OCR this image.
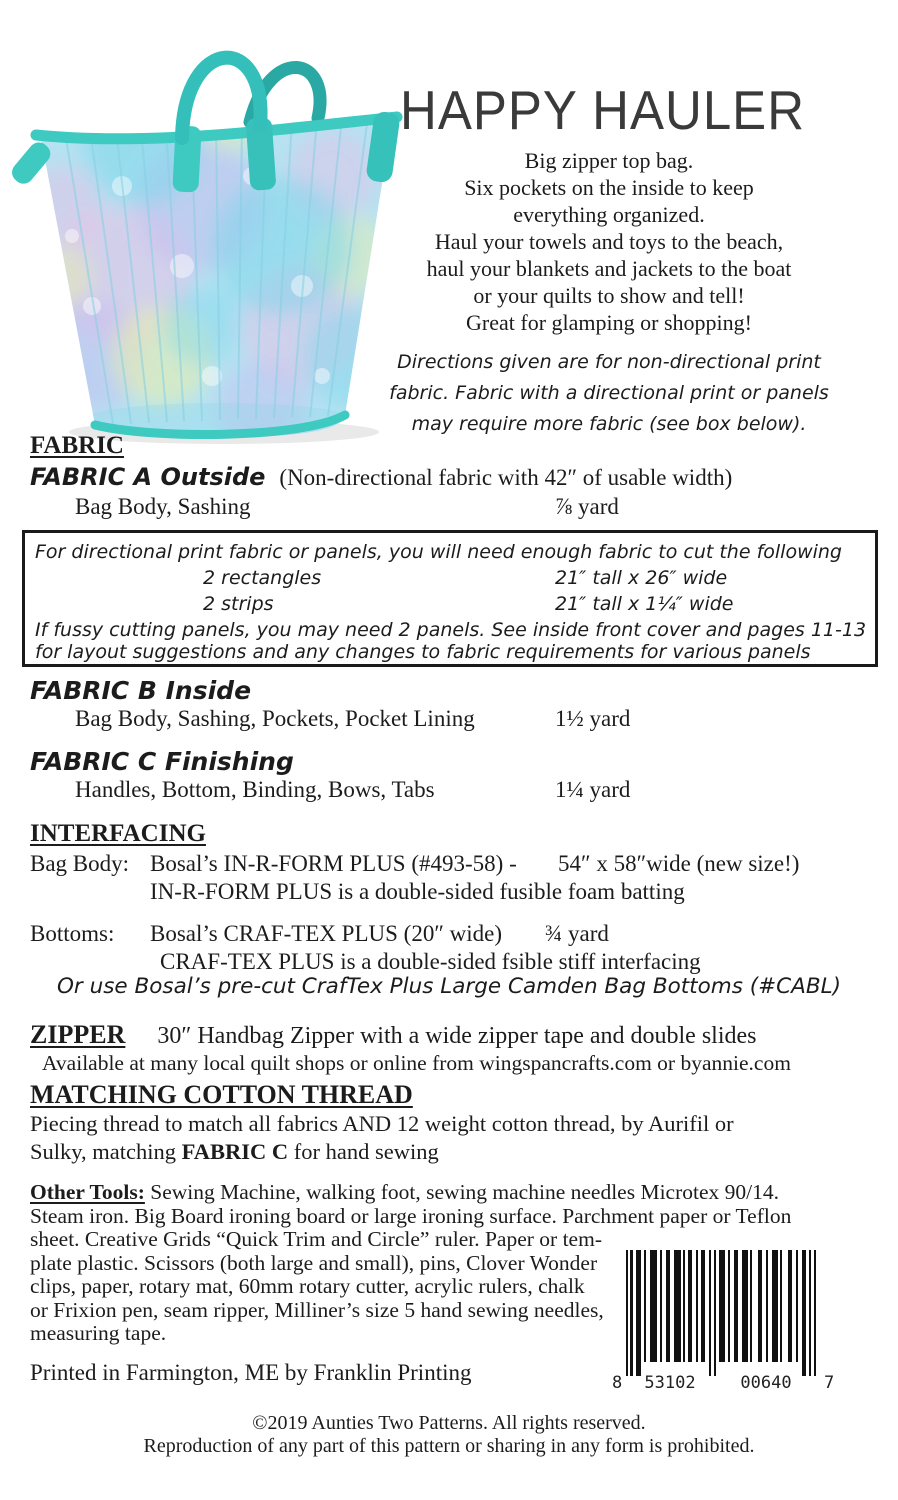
HAPPY HAULER
Big zipper top bag.
Six pockets on the inside to keep
everything organized.
Haul your towels and toys to the beach,
haul your blankets and jackets to the boat
or your quilts to show and tell!
Great for glamping or shopping!
Directions given are for non-directional print
fabric. Fabric with a directional print or panels
may require more fabric (see box below).
FABRIC
FABRIC A Outside (Non-directional fabric with 42″ of usable width)
Bag Body, Sashing	⅞ yard
For directional print fabric or panels, you will need enough fabric to cut the following
2 rectangles	21″ tall x 26″ wide
2 strips	21″ tall x 1¼″ wide
If fussy cutting panels, you may need 2 panels. See inside front cover and pages 11-13
for layout suggestions and any changes to fabric requirements for various panels
FABRIC B Inside
Bag Body, Sashing, Pockets, Pocket Lining	1½ yard
FABRIC C Finishing
Handles, Bottom, Binding, Bows, Tabs	1¼ yard
INTERFACING
Bag Body: Bosal’s IN-R-FORM PLUS (#493-58) - 54″ x 58″wide (new size!)
IN-R-FORM PLUS is a double-sided fusible foam batting
Bottoms: Bosal’s CRAF-TEX PLUS (20″ wide) ¾ yard
CRAF-TEX PLUS is a double-sided fsible stiff interfacing
Or use Bosal’s pre-cut CrafTex Plus Large Camden Bag Bottoms (#CABL)
ZIPPER 30″ Handbag Zipper with a wide zipper tape and double slides
Available at many local quilt shops or online from wingspancrafts.com or byannie.com
MATCHING COTTON THREAD
Piecing thread to match all fabrics AND 12 weight cotton thread, by Aurifil or
Sulky, matching FABRIC C for hand sewing
Other Tools: Sewing Machine, walking foot, sewing machine needles Microtex 90/14.
Steam iron. Big Board ironing board or large ironing surface. Parchment paper or Teflon
sheet. Creative Grids “Quick Trim and Circle” ruler. Paper or tem-
plate plastic. Scissors (both large and small), pins, Clover Wonder
clips, paper, rotary mat, 60mm rotary cutter, acrylic rulers, chalk
or Frixion pen, seam ripper, Milliner’s size 5 hand sewing needles,
measuring tape.
Printed in Farmington, ME by Franklin Printing	8 53102	00640 7
©2019 Aunties Two Patterns. All rights reserved.
Reproduction of any part of this pattern or sharing in any form is prohibited.
